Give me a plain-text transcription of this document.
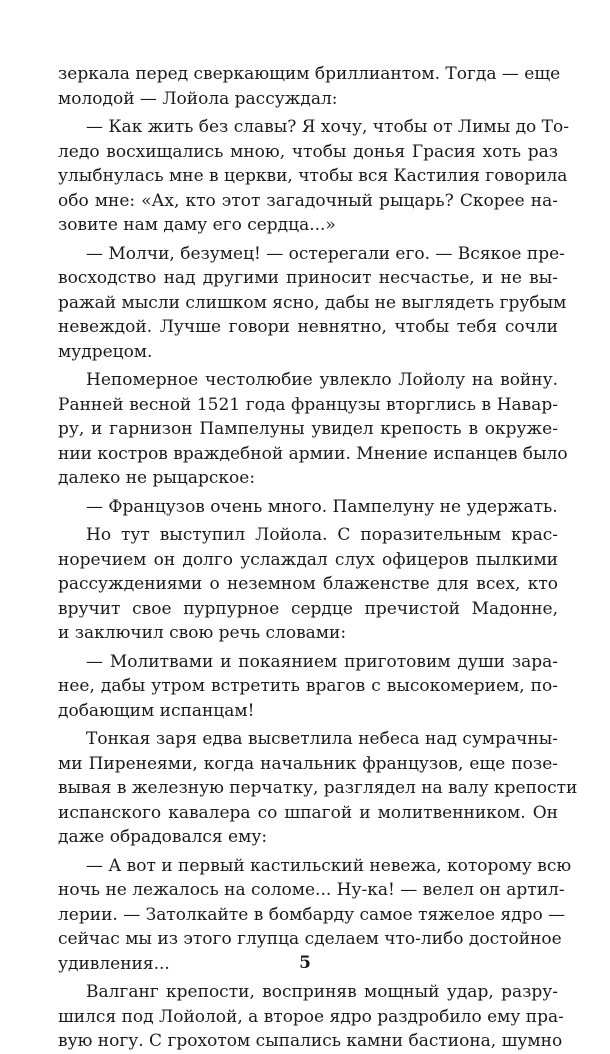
зеркала перед сверкающим бриллиантом. Тогда — еще
молодой — Лойола рассуждал:
— Как жить без славы? Я хочу, чтобы от Лимы до То-
ледо восхищались мною, чтобы донья Грасия хоть раз
улыбнулась мне в церкви, чтобы вся Кастилия говорила
обо мне: «Ах, кто этот загадочный рыцарь? Скорее на-
зовите нам даму его сердца...»
— Молчи, безумец! — остерегали его. — Всякое пре-
восходство над другими приносит несчастье, и не вы-
ражай мысли слишком ясно, дабы не выглядеть грубым
невеждой. Лучше говори невнятно, чтобы тебя сочли
мудрецом.
Непомерное честолюбие увлекло Лойолу на войну.
Ранней весной 1521 года французы вторглись в Навар-
ру, и гарнизон Пампелуны увидел крепость в окруже-
нии костров враждебной армии. Мнение испанцев было
далеко не рыцарское:
— Французов очень много. Пампелуну не удержать.
Но тут выступил Лойола. С поразительным крас-
норечием он долго услаждал слух офицеров пылкими
рассуждениями о неземном блаженстве для всех, кто
вручит свое пурпурное сердце пречистой Мадонне,
и заключил свою речь словами:
— Молитвами и покаянием приготовим души зара-
нее, дабы утром встретить врагов с высокомерием, по-
добающим испанцам!
Тонкая заря едва высветлила небеса над сумрачны-
ми Пиренеями, когда начальник французов, еще позе-
вывая в железную перчатку, разглядел на валу крепости
испанского кавалера со шпагой и молитвенником. Он
даже обрадовался ему:
— А вот и первый кастильский невежа, которому всю
ночь не лежалось на соломе... Ну-ка! — велел он артил-
лерии. — Затолкайте в бомбарду самое тяжелое ядро —
сейчас мы из этого глупца сделаем что-либо достойное
удивления...
Валганг крепости, восприняв мощный удар, разру-
шился под Лойолой, а второе ядро раздробило ему пра-
вую ногу. С грохотом сыпались камни бастиона, шумно
5
